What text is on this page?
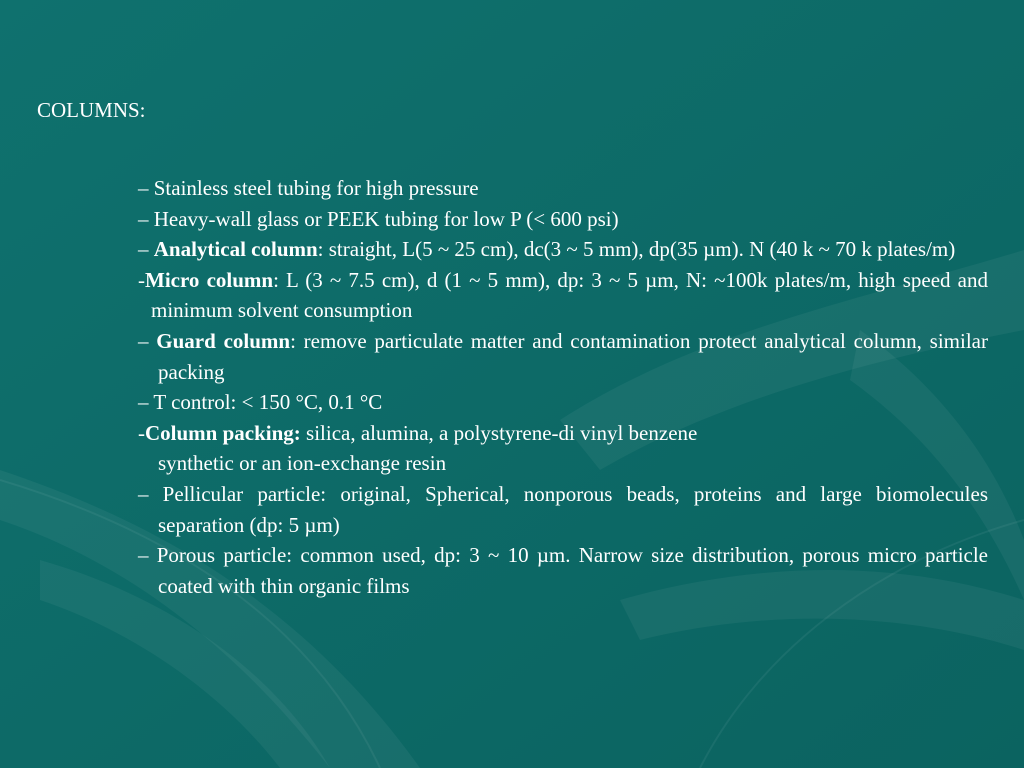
COLUMNS:
– Stainless steel tubing for high pressure
– Heavy-wall glass or PEEK tubing for low P (< 600 psi)
– Analytical column: straight, L(5 ~ 25 cm), dc(3 ~ 5 mm), dp(35 µm). N (40 k ~ 70 k plates/m)
-Micro column: L (3 ~ 7.5 cm), d (1 ~ 5 mm), dp: 3 ~ 5 µm, N: ~100k plates/m, high speed and minimum solvent consumption
– Guard column: remove particulate matter and contamination protect analytical column, similar packing
– T control: < 150 °C, 0.1 °C
-Column packing: silica, alumina, a polystyrene-di vinyl benzene
synthetic or an ion-exchange resin
– Pellicular particle: original, Spherical, nonporous beads, proteins and large biomolecules separation (dp: 5 µm)
– Porous particle: common used, dp: 3 ~ 10 µm. Narrow size distribution, porous micro particle coated with thin organic films
